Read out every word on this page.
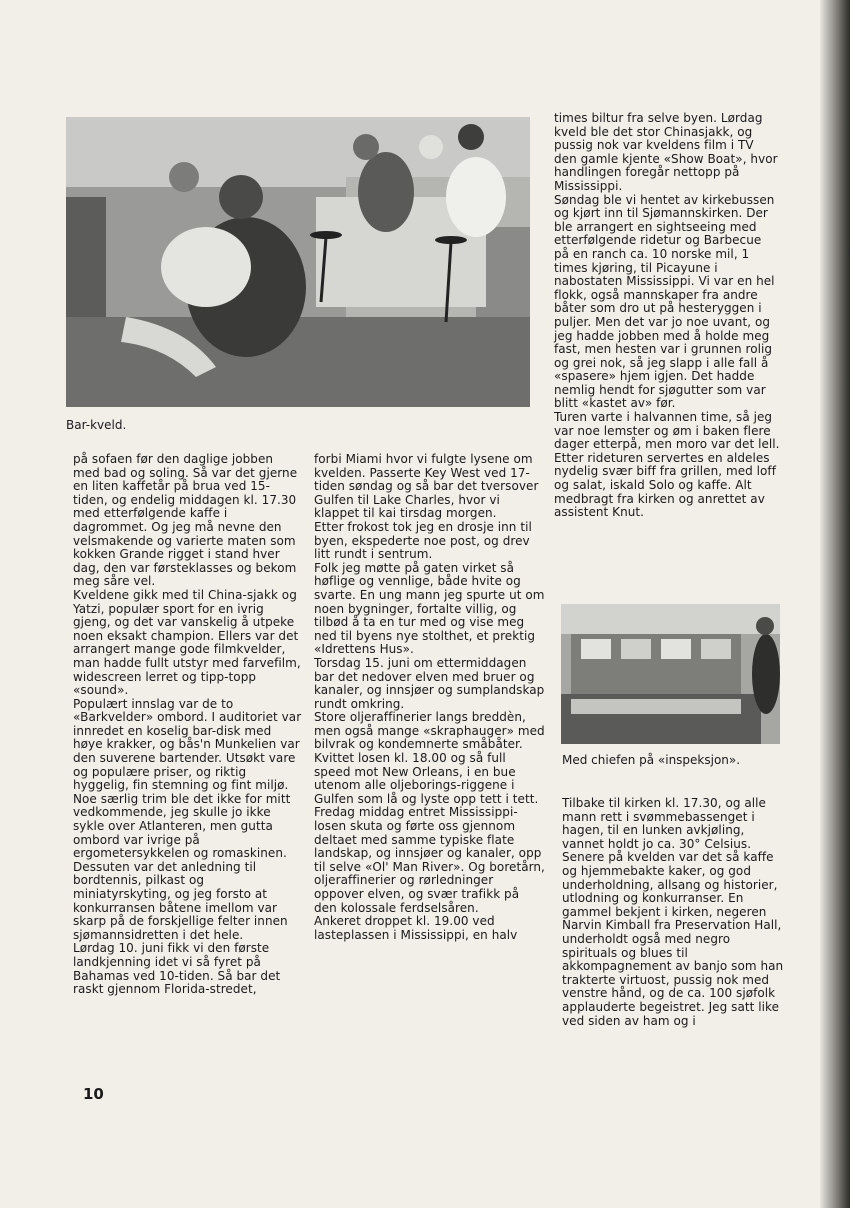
Bar-kveld.
Med chiefen på «inspeksjon».

på sofaen før den daglige jobben med bad og soling. Så var det gjerne en liten kaffetår på brua ved 15-tiden, og endelig middagen kl. 17.30 med etterfølgende kaffe i dagrommet. Og jeg må nevne den velsmakende og varierte maten som kokken Grande rigget i stand hver dag, den var førsteklasses og bekom meg såre vel.

Kveldene gikk med til China-sjakk og Yatzi, populær sport for en ivrig gjeng, og det var vanskelig å utpeke noen eksakt champion. Ellers var det arrangert mange gode filmkvelder, man hadde fullt utstyr med farvefilm, widescreen lerret og tipp-topp «sound».

Populært innslag var de to «Barkvelder» ombord. I auditoriet var innredet en koselig bar-disk med høye krakker, og bås'n Munkelien var den suverene bartender. Utsøkt vare og populære priser, og riktig hyggelig, fin stemning og fint miljø.

Noe særlig trim ble det ikke for mitt vedkommende, jeg skulle jo ikke sykle over Atlanteren, men gutta ombord var ivrige på ergometersykkelen og romaskinen.

Dessuten var det anledning til bordtennis, pilkast og miniatyrskyting, og jeg forsto at konkurransen båtene imellom var skarp på de forskjellige felter innen sjømannsidretten i det hele.

Lørdag 10. juni fikk vi den første landkjenning idet vi så fyret på Bahamas ved 10-tiden. Så bar det raskt gjennom Florida-stredet,

forbi Miami hvor vi fulgte lysene om kvelden. Passerte Key West ved 17-tiden søndag og så bar det tversover Gulfen til Lake Charles, hvor vi klappet til kai tirsdag morgen.

Etter frokost tok jeg en drosje inn til byen, ekspederte noe post, og drev litt rundt i sentrum.

Folk jeg møtte på gaten virket så høflige og vennlige, både hvite og svarte. En ung mann jeg spurte ut om noen bygninger, fortalte villig, og tilbød å ta en tur med og vise meg ned til byens nye stolthet, et prektig «Idrettens Hus».

Torsdag 15. juni om ettermiddagen bar det nedover elven med bruer og kanaler, og innsjøer og sumplandskap rundt omkring.

Store oljeraffinerier langs breddèn, men også mange «skraphauger» med bilvrak og kondemnerte småbåter.

Kvittet losen kl. 18.00 og så full speed mot New Orleans, i en bue utenom alle oljeborings-riggene i Gulfen som lå og lyste opp tett i tett.

Fredag middag entret Mississippi-losen skuta og førte oss gjennom deltaet med samme typiske flate landskap, og innsjøer og kanaler, opp til selve «Ol' Man River». Og boretårn, oljeraffinerier og rørledninger oppover elven, og svær trafikk på den kolossale ferdselsåren.

Ankeret droppet kl. 19.00 ved lasteplassen i Mississippi, en halv

times biltur fra selve byen. Lørdag kveld ble det stor Chinasjakk, og pussig nok var kveldens film i TV den gamle kjente «Show Boat», hvor handlingen foregår nettopp på Mississippi.

Søndag ble vi hentet av kirkebussen og kjørt inn til Sjømannskirken. Der ble arrangert en sightseeing med etterfølgende ridetur og Barbecue på en ranch ca. 10 norske mil, 1 times kjøring, til Picayune i nabostaten Mississippi. Vi var en hel flokk, også mannskaper fra andre båter som dro ut på hesteryggen i puljer. Men det var jo noe uvant, og jeg hadde jobben med å holde meg fast, men hesten var i grunnen rolig og grei nok, så jeg slapp i alle fall å «spasere» hjem igjen. Det hadde nemlig hendt for sjøgutter som var blitt «kastet av» før.

Turen varte i halvannen time, så jeg var noe lemster og øm i baken flere dager etterpå, men moro var det lell. Etter rideturen servertes en aldeles nydelig svær biff fra grillen, med loff og salat, iskald Solo og kaffe. Alt medbragt fra kirken og anrettet av assistent Knut.

Tilbake til kirken kl. 17.30, og alle mann rett i svømmebassenget i hagen, til en lunken avkjøling, vannet holdt jo ca. 30° Celsius. Senere på kvelden var det så kaffe og hjemmebakte kaker, og god underholdning, allsang og historier, utlodning og konkurranser. En gammel bekjent i kirken, negeren Narvin Kimball fra Preservation Hall, underholdt også med negro spirituals og blues til akkompagnement av banjo som han trakterte virtuost, pussig nok med venstre hånd, og de ca. 100 sjøfolk applauderte begeistret. Jeg satt like ved siden av ham og i

10
